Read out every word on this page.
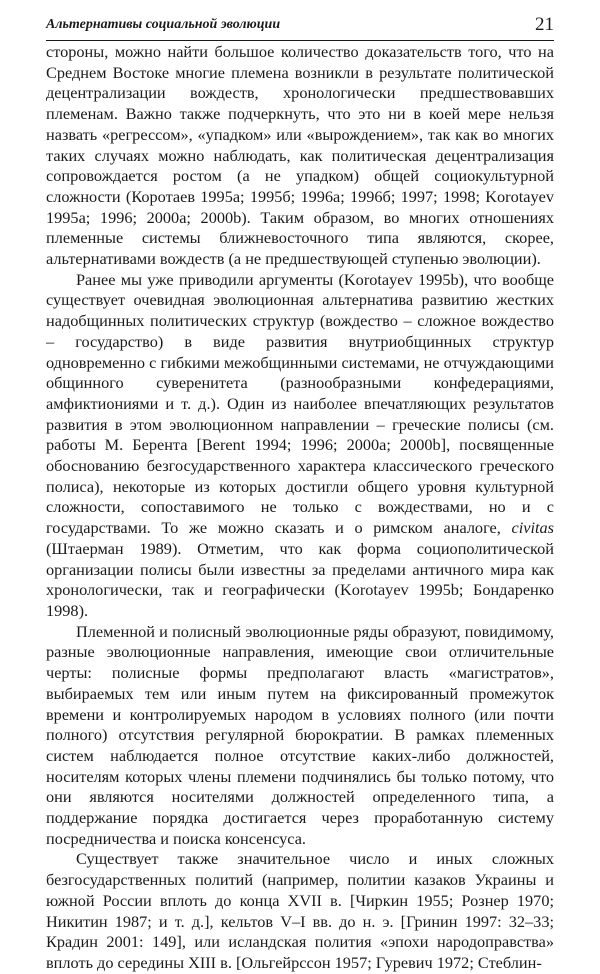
Альтернативы социальной эволюции	21

стороны, можно найти большое количество доказательств того, что на Среднем Востоке многие племена возникли в результате политической децентрализации вождеств, хронологически предшествовавших племенам. Важно также подчеркнуть, что это ни в коей мере нельзя назвать «регрессом», «упадком» или «вырождением», так как во многих таких случаях можно наблюдать, как политическая децентрализация сопровождается ростом (а не упадком) общей социокультурной сложности (Коротаев 1995а; 1995б; 1996а; 1996б; 1997; 1998; Korotayev 1995a; 1996; 2000a; 2000b). Таким образом, во многих отношениях племенные системы ближневосточного типа являются, скорее, альтернативами вождеств (а не предшествующей ступенью эволюции).

Ранее мы уже приводили аргументы (Korotayev 1995b), что вообще существует очевидная эволюционная альтернатива развитию жестких надобщинных политических структур (вождество – сложное вождество – государство) в виде развития внутриобщинных структур одновременно с гибкими межобщинными системами, не отчуждающими общинного суверенитета (разнообразными конфедерациями, амфиктиониями и т. д.). Один из наиболее впечатляющих результатов развития в этом эволюционном направлении – греческие полисы (см. работы М. Берента [Berent 1994; 1996; 2000a; 2000b], посвященные обоснованию безгосударственного характера классического греческого полиса), некоторые из которых достигли общего уровня культурной сложности, сопоставимого не только с вождествами, но и с государствами. То же можно сказать и о римском аналоге, civitas (Штаерман 1989). Отметим, что как форма социополитической организации полисы были известны за пределами античного мира как хронологически, так и географически (Korotayev 1995b; Бондаренко 1998).

Племенной и полисный эволюционные ряды образуют, повидимому, разные эволюционные направления, имеющие свои отличительные черты: полисные формы предполагают власть «магистратов», выбираемых тем или иным путем на фиксированный промежуток времени и контролируемых народом в условиях полного (или почти полного) отсутствия регулярной бюрократии. В рамках племенных систем наблюдается полное отсутствие каких-либо должностей, носителям которых члены племени подчинялись бы только потому, что они являются носителями должностей определенного типа, а поддержание порядка достигается через проработанную систему посредничества и поиска консенсуса.

Существует также значительное число и иных сложных безгосударственных политий (например, политии казаков Украины и южной России вплоть до конца XVII в. [Чиркин 1955; Рознер 1970; Никитин 1987; и т. д.], кельтов V–I вв. до н. э. [Гринин 1997: 32–33; Крадин 2001: 149], или исландская полития «эпохи народоправства» вплоть до середины XIII в. [Ольгейрссон 1957; Гуревич 1972; Стеблин-
